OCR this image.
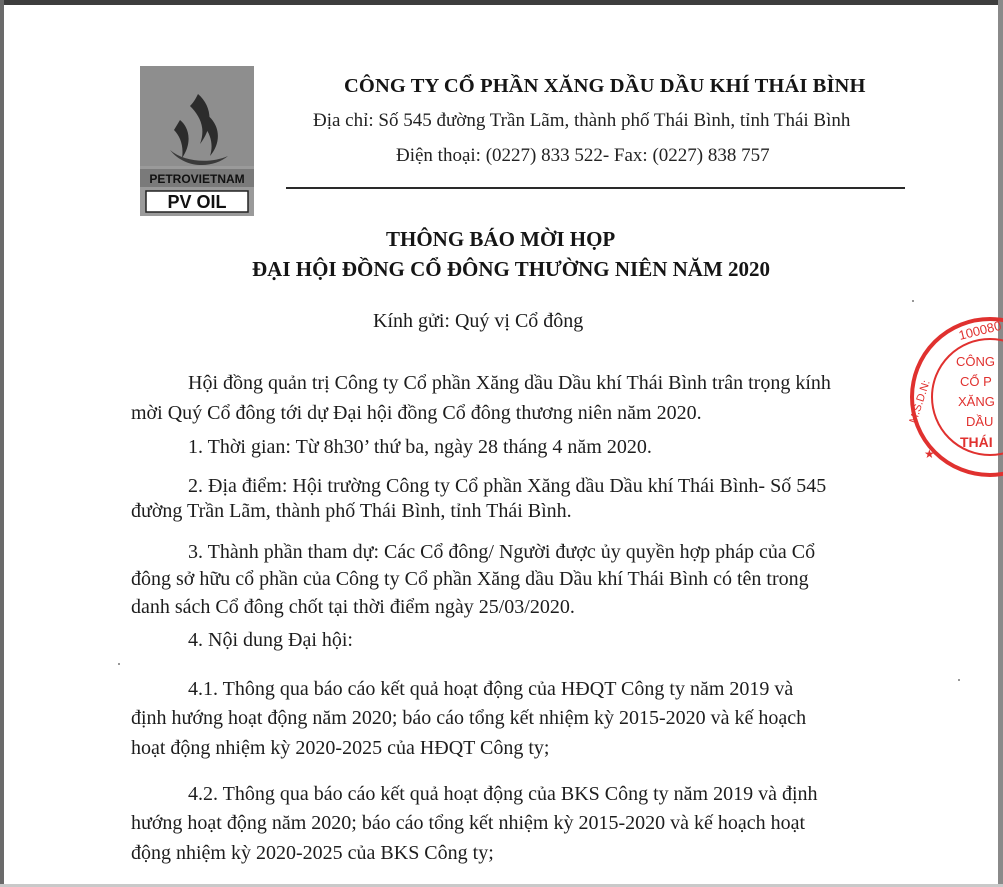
PETROVIETNAM
PV OIL
CÔNG TY CỔ PHẦN XĂNG DẦU DẦU KHÍ THÁI BÌNH

Địa chỉ: Số 545 đường Trần Lãm, thành phố Thái Bình, tỉnh Thái Bình

Điện thoại: (0227) 833 522- Fax: (0227) 838 757

THÔNG BÁO MỜI HỌP
ĐẠI HỘI ĐỒNG CỔ ĐÔNG THƯỜNG NIÊN NĂM 2020
Kính gửi: Quý vị Cổ đông

Hội đồng quản trị Công ty Cổ phần Xăng dầu Dầu khí Thái Bình trân trọng kính

mời Quý Cổ đông tới dự Đại hội đồng Cổ đông thương niên năm 2020.

1. Thời gian: Từ 8h30’ thứ ba, ngày 28 tháng 4 năm 2020.

2. Địa điểm: Hội trường Công ty Cổ phần Xăng dầu Dầu khí Thái Bình- Số 545

đường Trần Lãm, thành phố Thái Bình, tỉnh Thái Bình.

3. Thành phần tham dự: Các Cổ đông/ Người được ủy quyền hợp pháp của Cổ

đông sở hữu cổ phần của Công ty Cổ phần Xăng dầu Dầu khí Thái Bình có tên trong

danh sách Cổ đông chốt tại thời điểm ngày 25/03/2020.

4. Nội dung Đại hội:

4.1. Thông qua báo cáo kết quả hoạt động của HĐQT Công ty năm 2019 và

định hướng hoạt động năm 2020; báo cáo tổng kết nhiệm kỳ 2015-2020 và kế hoạch

hoạt động nhiệm kỳ 2020-2025 của HĐQT Công ty;

4.2. Thông qua báo cáo kết quả hoạt động của BKS Công ty năm 2019 và định

hướng hoạt động năm 2020; báo cáo tổng kết nhiệm kỳ 2015-2020 và kế hoạch hoạt

động nhiệm kỳ 2020-2025 của BKS Công ty;

100080
M.S.D.N:
CÔNG
CỔ P
XĂNG
DẦU
THÁI
★
